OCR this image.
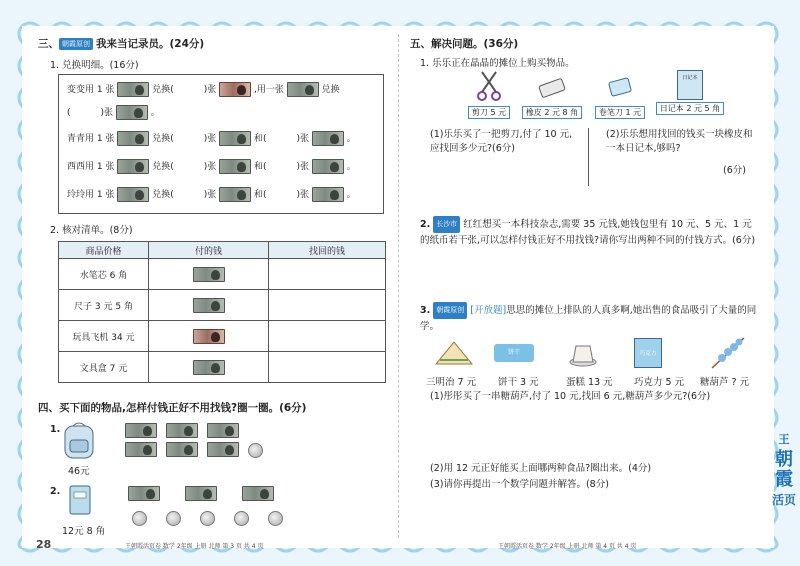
三、 朝霞原创 我来当记录员。(24分)
1. 兑换明细。(16分)
变变用 1 张	兑换(	)张	,用一张	兑换
(	)张	。
青青用 1 张	兑换(	)张	和(	)张	。
西西用 1 张	兑换(	)张	和(	)张	。
玲玲用 1 张	兑换(	)张	和(	)张	。
2. 核对清单。(8分)
商品价格	付的钱	找回的钱
水笔芯 6 角		
尺子 3 元 5 角		
玩具飞机 34 元		
文具盒 7 元		
四、买下面的物品,怎样付钱正好不用找钱?圈一圈。(6分)
1.
46元

2.
12元 8 角

28	王朝霞活页卷 数学 2年级 上册 北师 第 3 页 共 4 页
五、解决问题。(36分)
1. 乐乐正在晶晶的摊位上购买物品。

剪刀 5 元	橡皮 2 元 8 角	卷笔刀 1 元
日记本
日记本 2 元 5 角
(1)乐乐买了一把剪刀,付了 10 元,应找回多少元?(6分)
(2)乐乐想用找回的钱买一块橡皮和一本日记本,够吗?
(6分)
2. 长沙市 红红想买一本科技杂志,需要 35 元钱,她钱包里有 10 元、5 元、1 元的纸币若干张,可以怎样付钱正好不用找钱?请你写出两种不同的付钱方式。(6分)
3. 朝霞原创 [开放题]思思的摊位上排队的人真多啊,她出售的食品吸引了大量的同学。
饼干	巧克力
三明治 7 元 饼干 3 元	蛋糕 13 元 巧克力 5 元 糖葫芦 ? 元
(1)彤彤买了一串糖葫芦,付了 10 元,找回 6 元,糖葫芦多少元?(6分)
(2)用 12 元正好能买上面哪两种食品?圈出来。(4分)
(3)请你再提出一个数学问题并解答。(8分)
王朝霞活页卷 数学 2年级 上册 北师 第 4 页 共 4 页
王
朝
霞
活页
